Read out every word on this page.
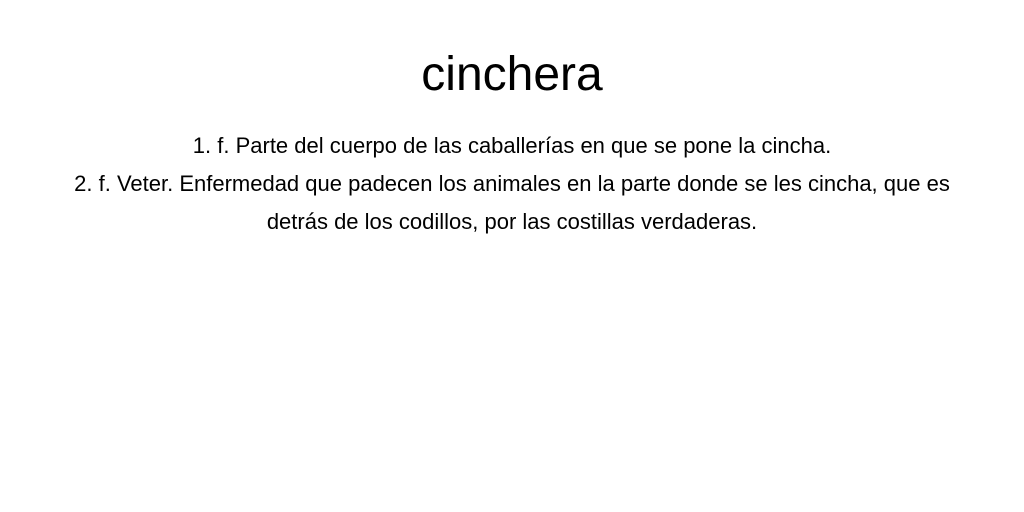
cinchera
1. f. Parte del cuerpo de las caballerías en que se pone la cincha.
2. f. Veter. Enfermedad que padecen los animales en la parte donde se les cincha, que es detrás de los codillos, por las costillas verdaderas.
